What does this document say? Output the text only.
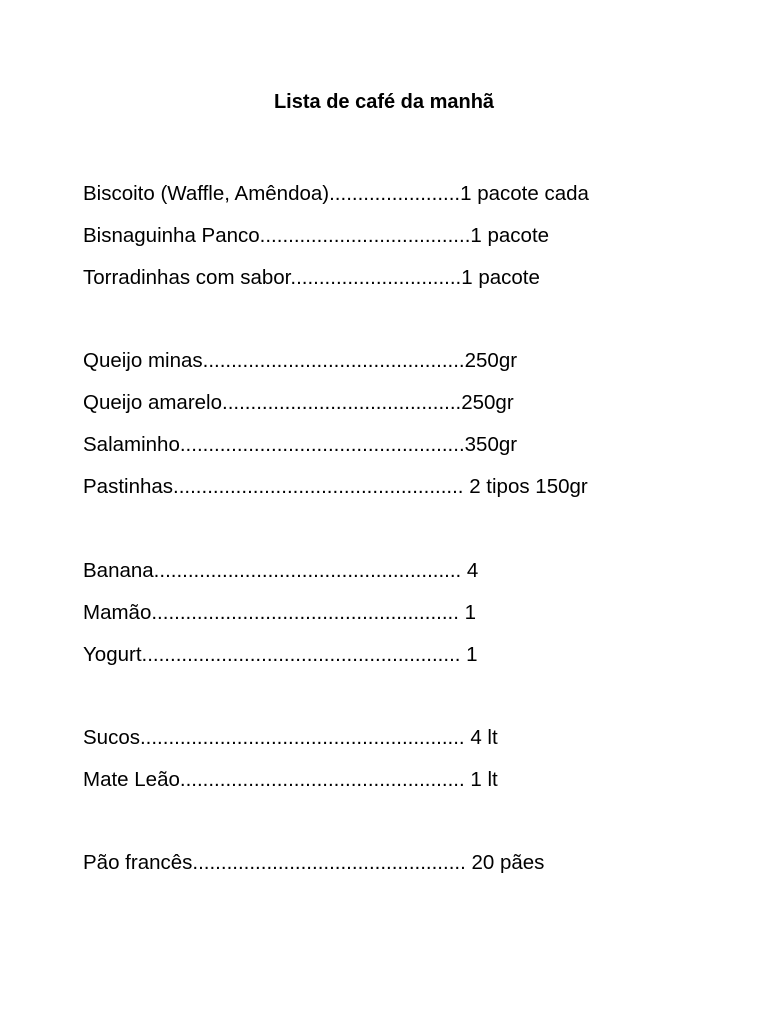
Lista de café da manhã
Biscoito (Waffle, Amêndoa).......................1 pacote cada
Bisnaguinha Panco.....................................1 pacote
Torradinhas com sabor..............................1 pacote
Queijo minas..............................................250gr
Queijo amarelo..........................................250gr
Salaminho..................................................350gr
Pastinhas................................................... 2 tipos 150gr
Banana...................................................... 4
Mamão...................................................... 1
Yogurt........................................................ 1
Sucos......................................................... 4 lt
Mate Leão.................................................. 1 lt
Pão francês................................................ 20 pães
